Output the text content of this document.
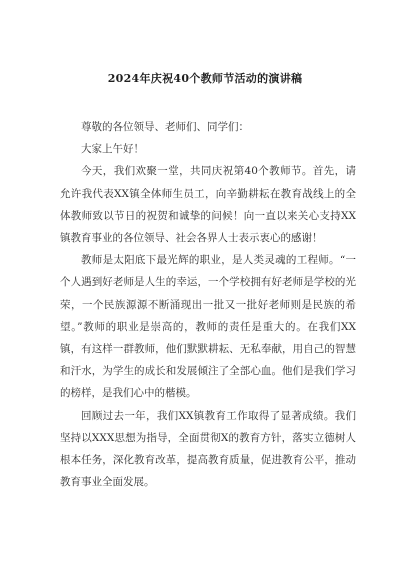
2024年庆祝40个教师节活动的演讲稿

尊敬的各位领导、老师们、同学们：

大家上午好！

今天，我们欢聚一堂，共同庆祝第40个教师节。首先，请允许我代表XX镇全体师生员工，向辛勤耕耘在教育战线上的全体教师致以节日的祝贺和诚挚的问候！向一直以来关心支持XX镇教育事业的各位领导、社会各界人士表示衷心的感谢！

教师是太阳底下最光辉的职业，是人类灵魂的工程师。“一个人遇到好老师是人生的幸运，一个学校拥有好老师是学校的光荣，一个民族源源不断涌现出一批又一批好老师则是民族的希望。”教师的职业是崇高的，教师的责任是重大的。在我们XX镇，有这样一群教师，他们默默耕耘、无私奉献，用自己的智慧和汗水，为学生的成长和发展倾注了全部心血。他们是我们学习的榜样，是我们心中的楷模。

回顾过去一年，我们XX镇教育工作取得了显著成绩。我们坚持以XXX思想为指导，全面贯彻X的教育方针，落实立德树人根本任务，深化教育改革，提高教育质量，促进教育公平，推动教育事业全面发展。
